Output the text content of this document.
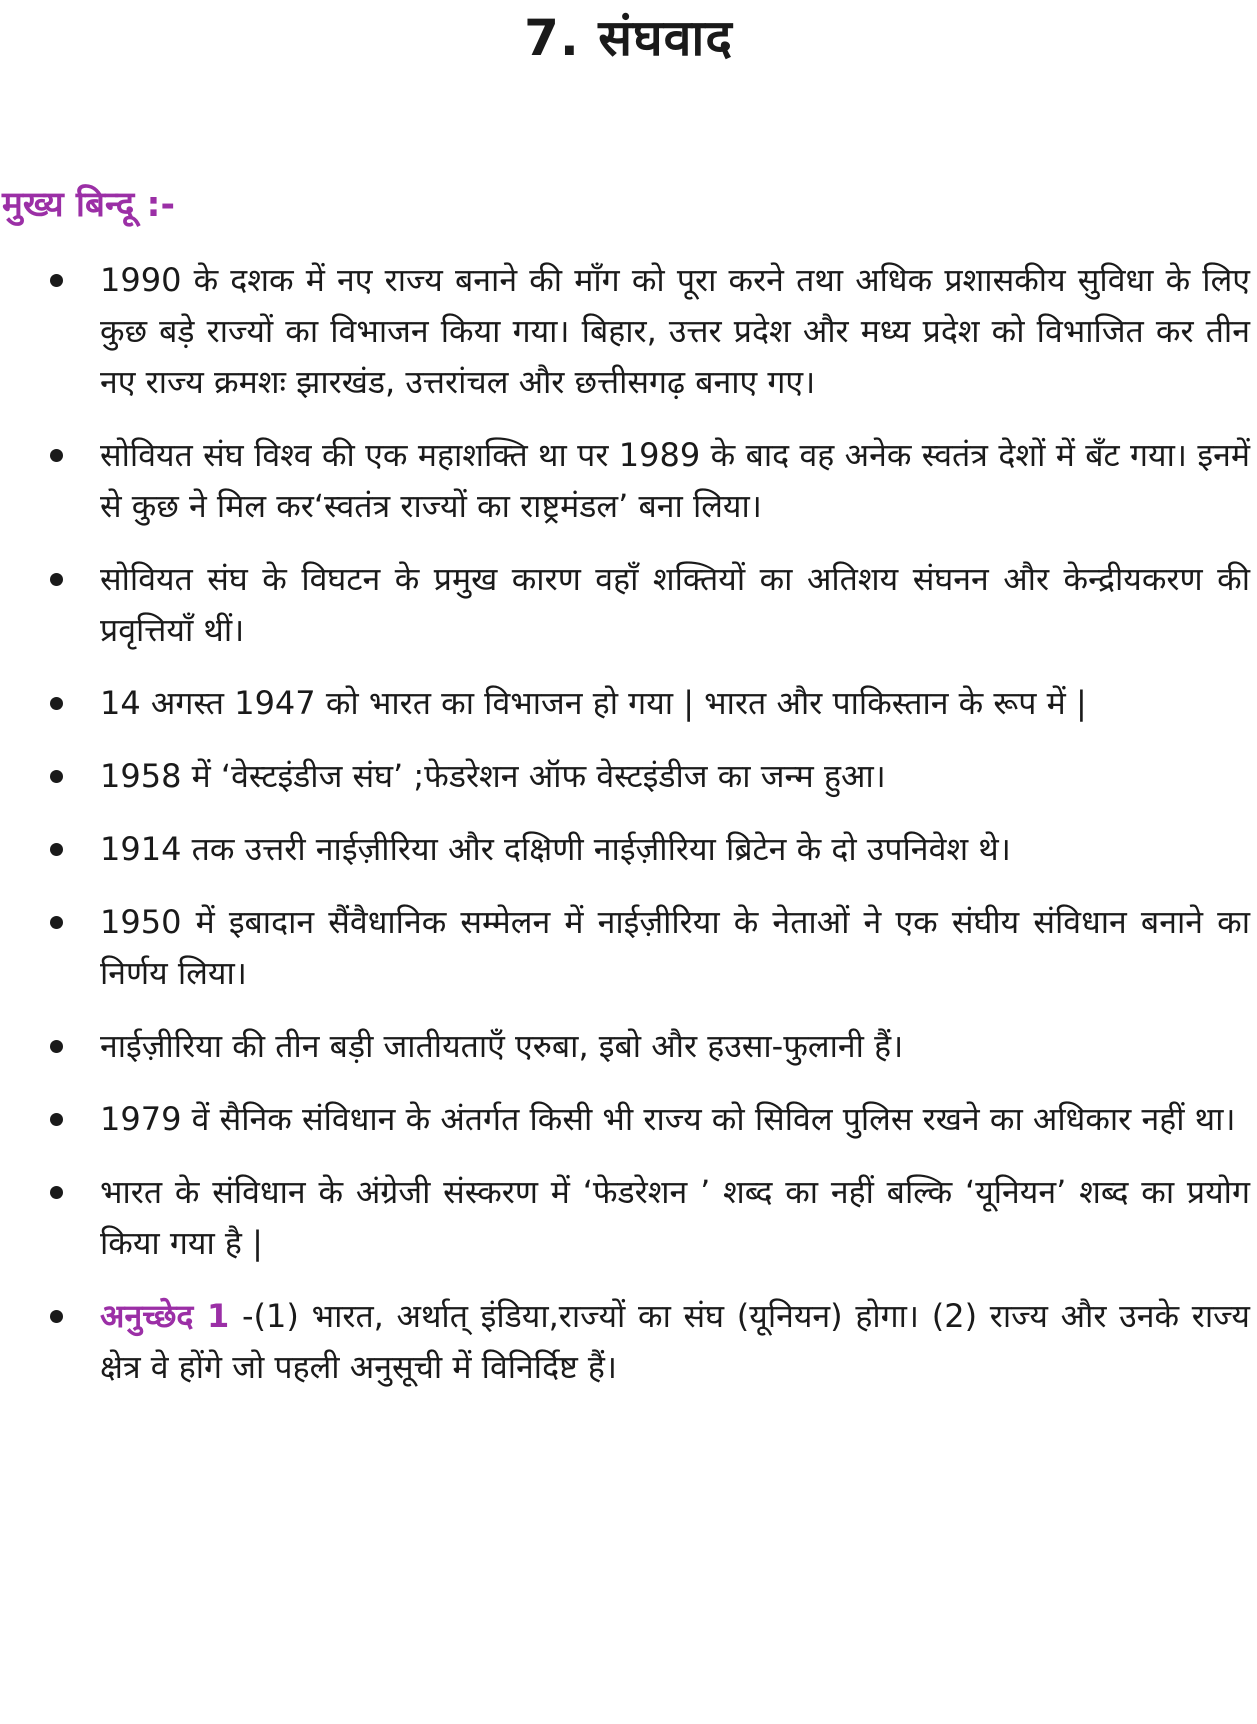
7. संघवाद
मुख्य बिन्दू :-
1990 के दशक में नए राज्य बनाने की माँग को पूरा करने तथा अधिक प्रशासकीय सुविधा के लिए कुछ बड़े राज्यों का विभाजन किया गया। बिहार, उत्तर प्रदेश और मध्य प्रदेश को विभाजित कर तीन नए राज्य क्रमशः झारखंड, उत्तरांचल और छत्तीसगढ़ बनाए गए।
सोवियत संघ विश्व की एक महाशक्ति था पर 1989 के बाद वह अनेक स्वतंत्र देशों में बँट गया। इनमें से कुछ ने मिल कर‘स्वतंत्र राज्यों का राष्ट्रमंडल’ बना लिया।
सोवियत संघ के विघटन के प्रमुख कारण वहाँ शक्तियों का अतिशय संघनन और केन्द्रीयकरण की प्रवृत्तियाँ थीं।
14 अगस्त 1947 को भारत का विभाजन हो गया | भारत और पाकिस्तान के रूप में |
1958 में ‘वेस्टइंडीज संघ’ ;फेडरेशन ऑफ वेस्टइंडीज का जन्म हुआ।
1914 तक उत्तरी नाईज़ीरिया और दक्षिणी नाईज़ीरिया ब्रिटेन के दो उपनिवेश थे।
1950 में इबादान सैंवैधानिक सम्मेलन में नाईज़ीरिया के नेताओं ने एक संघीय संविधान बनाने का निर्णय लिया।
नाईज़ीरिया की तीन बड़ी जातीयताएँ एरुबा, इबो और हउसा-फुलानी हैं।
1979 वें सैनिक संविधान के अंतर्गत किसी भी राज्य को सिविल पुलिस रखने का अधिकार नहीं था।
भारत के संविधान के अंग्रेजी संस्करण में ‘फेडरेशन ’ शब्द का नहीं बल्कि ‘यूनियन’ शब्द का प्रयोग किया गया है |
अनुच्छेद 1 -(1) भारत, अर्थात् इंडिया,राज्यों का संघ (यूनियन) होगा। (2) राज्य और उनके राज्य क्षेत्र वे होंगे जो पहली अनुसूची में विनिर्दिष्ट हैं।
